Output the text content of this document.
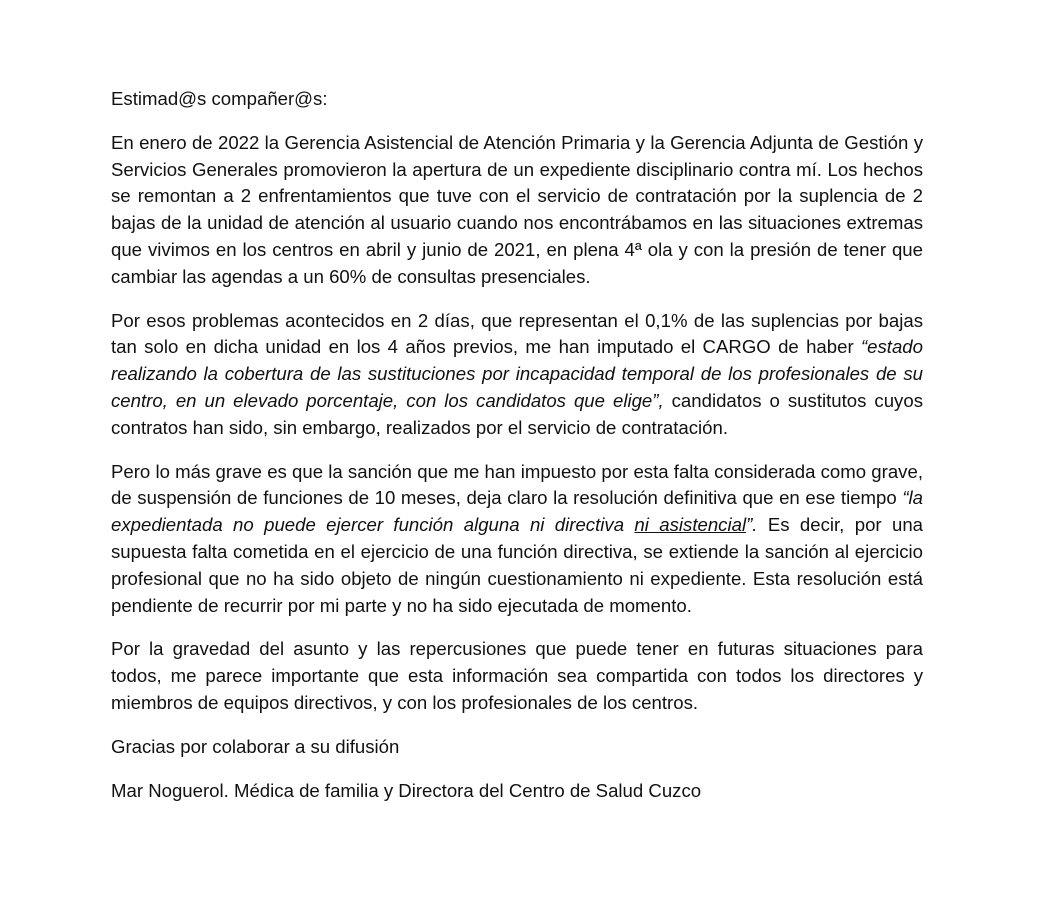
Estimad@s compañer@s:

En enero de 2022 la Gerencia Asistencial de Atención Primaria y la Gerencia Adjunta de Gestión y Servicios Generales promovieron la apertura de un expediente disciplinario contra mí. Los hechos se remontan a 2 enfrentamientos que tuve con el servicio de contratación por la suplencia de 2 bajas de la unidad de atención al usuario cuando nos encontrábamos en las situaciones extremas que vivimos en los centros en abril y junio de 2021, en plena 4ª ola y con la presión de tener que cambiar las agendas a un 60% de consultas presenciales.

Por esos problemas acontecidos en 2 días, que representan el 0,1% de las suplencias por bajas tan solo en dicha unidad en los 4 años previos, me han imputado el CARGO de haber “estado realizando la cobertura de las sustituciones por incapacidad temporal de los profesionales de su centro, en un elevado porcentaje, con los candidatos que elige”, candidatos o sustitutos cuyos contratos han sido, sin embargo, realizados por el servicio de contratación.

Pero lo más grave es que la sanción que me han impuesto por esta falta considerada como grave, de suspensión de funciones de 10 meses, deja claro la resolución definitiva que en ese tiempo “la expedientada no puede ejercer función alguna ni directiva ni asistencial”. Es decir, por una supuesta falta cometida en el ejercicio de una función directiva, se extiende la sanción al ejercicio profesional que no ha sido objeto de ningún cuestionamiento ni expediente. Esta resolución está pendiente de recurrir por mi parte y no ha sido ejecutada de momento.

Por la gravedad del asunto y las repercusiones que puede tener en futuras situaciones para todos, me parece importante que esta información sea compartida con todos los directores y miembros de equipos directivos, y con los profesionales de los centros.

Gracias por colaborar a su difusión

Mar Noguerol. Médica de familia y Directora del Centro de Salud Cuzco
